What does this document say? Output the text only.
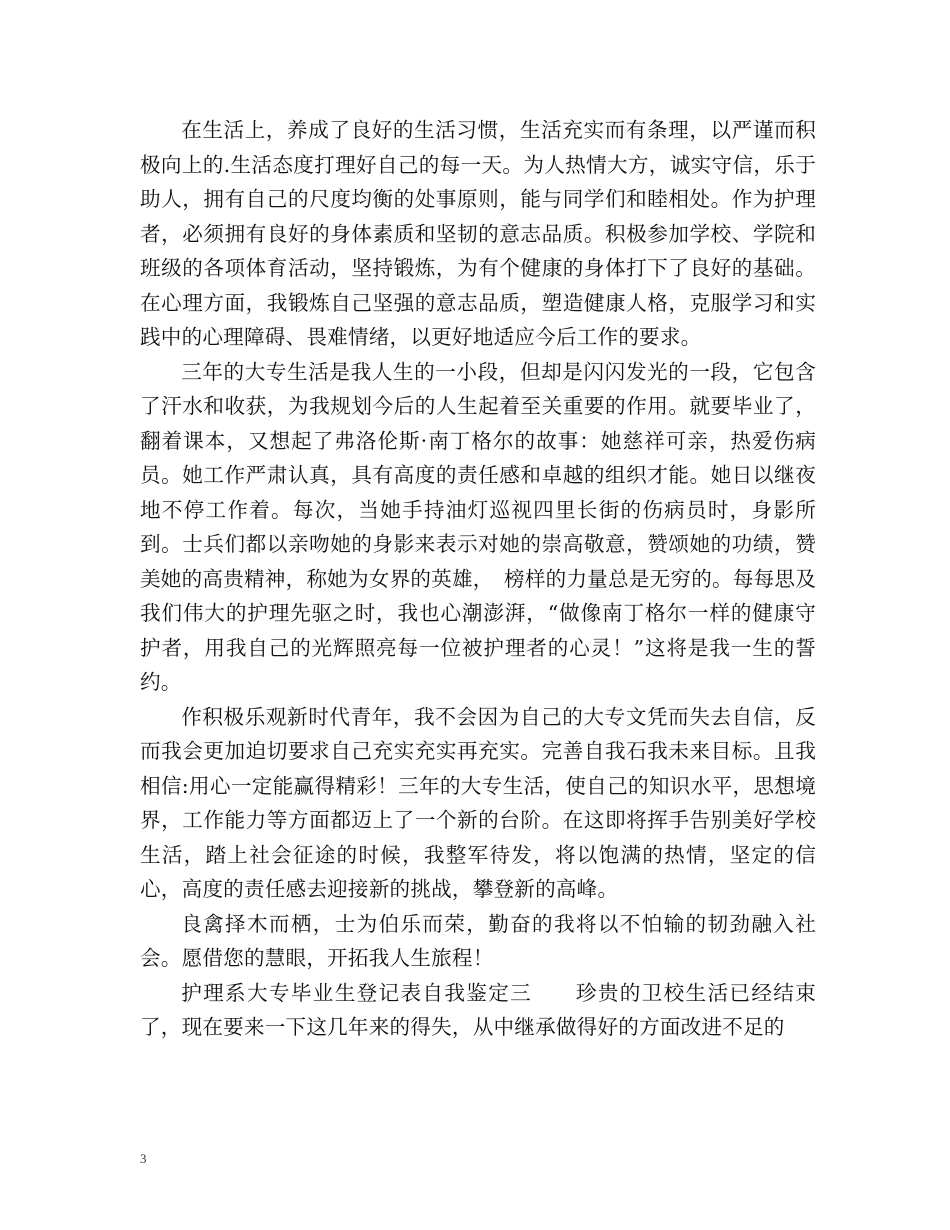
在生活上，养成了良好的生活习惯，生活充实而有条理，以严谨而积极向上的.生活态度打理好自己的每一天。为人热情大方，诚实守信，乐于助人，拥有自己的尺度均衡的处事原则，能与同学们和睦相处。作为护理者，必须拥有良好的身体素质和坚韧的意志品质。积极参加学校、学院和班级的各项体育活动，坚持锻炼，为有个健康的身体打下了良好的基础。在心理方面，我锻炼自己坚强的意志品质，塑造健康人格，克服学习和实践中的心理障碍、畏难情绪，以更好地适应今后工作的要求。

三年的大专生活是我人生的一小段，但却是闪闪发光的一段，它包含了汗水和收获，为我规划今后的人生起着至关重要的作用。就要毕业了，翻着课本，又想起了弗洛伦斯·南丁格尔的故事：她慈祥可亲，热爱伤病员。她工作严肃认真，具有高度的责任感和卓越的组织才能。她日以继夜地不停工作着。每次，当她手持油灯巡视四里长街的伤病员时，身影所到。士兵们都以亲吻她的身影来表示对她的崇高敬意，赞颂她的功绩，赞美她的高贵精神，称她为女界的英雄，　榜样的力量总是无穷的。每每思及我们伟大的护理先驱之时，我也心潮澎湃，“做像南丁格尔一样的健康守护者，用我自己的光辉照亮每一位被护理者的心灵！”这将是我一生的誓约。

作积极乐观新时代青年，我不会因为自己的大专文凭而失去自信，反而我会更加迫切要求自己充实充实再充实。完善自我石我未来目标。且我相信:用心一定能赢得精彩！三年的大专生活，使自己的知识水平，思想境界，工作能力等方面都迈上了一个新的台阶。在这即将挥手告别美好学校生活，踏上社会征途的时候，我整军待发，将以饱满的热情，坚定的信心，高度的责任感去迎接新的挑战，攀登新的高峰。

良禽择木而栖，士为伯乐而荣，勤奋的我将以不怕输的韧劲融入社会。愿借您的慧眼，开拓我人生旅程！

护理系大专毕业生登记表自我鉴定三　　珍贵的卫校生活已经结束了，现在要来一下这几年来的得失，从中继承做得好的方面改进不足的

3
